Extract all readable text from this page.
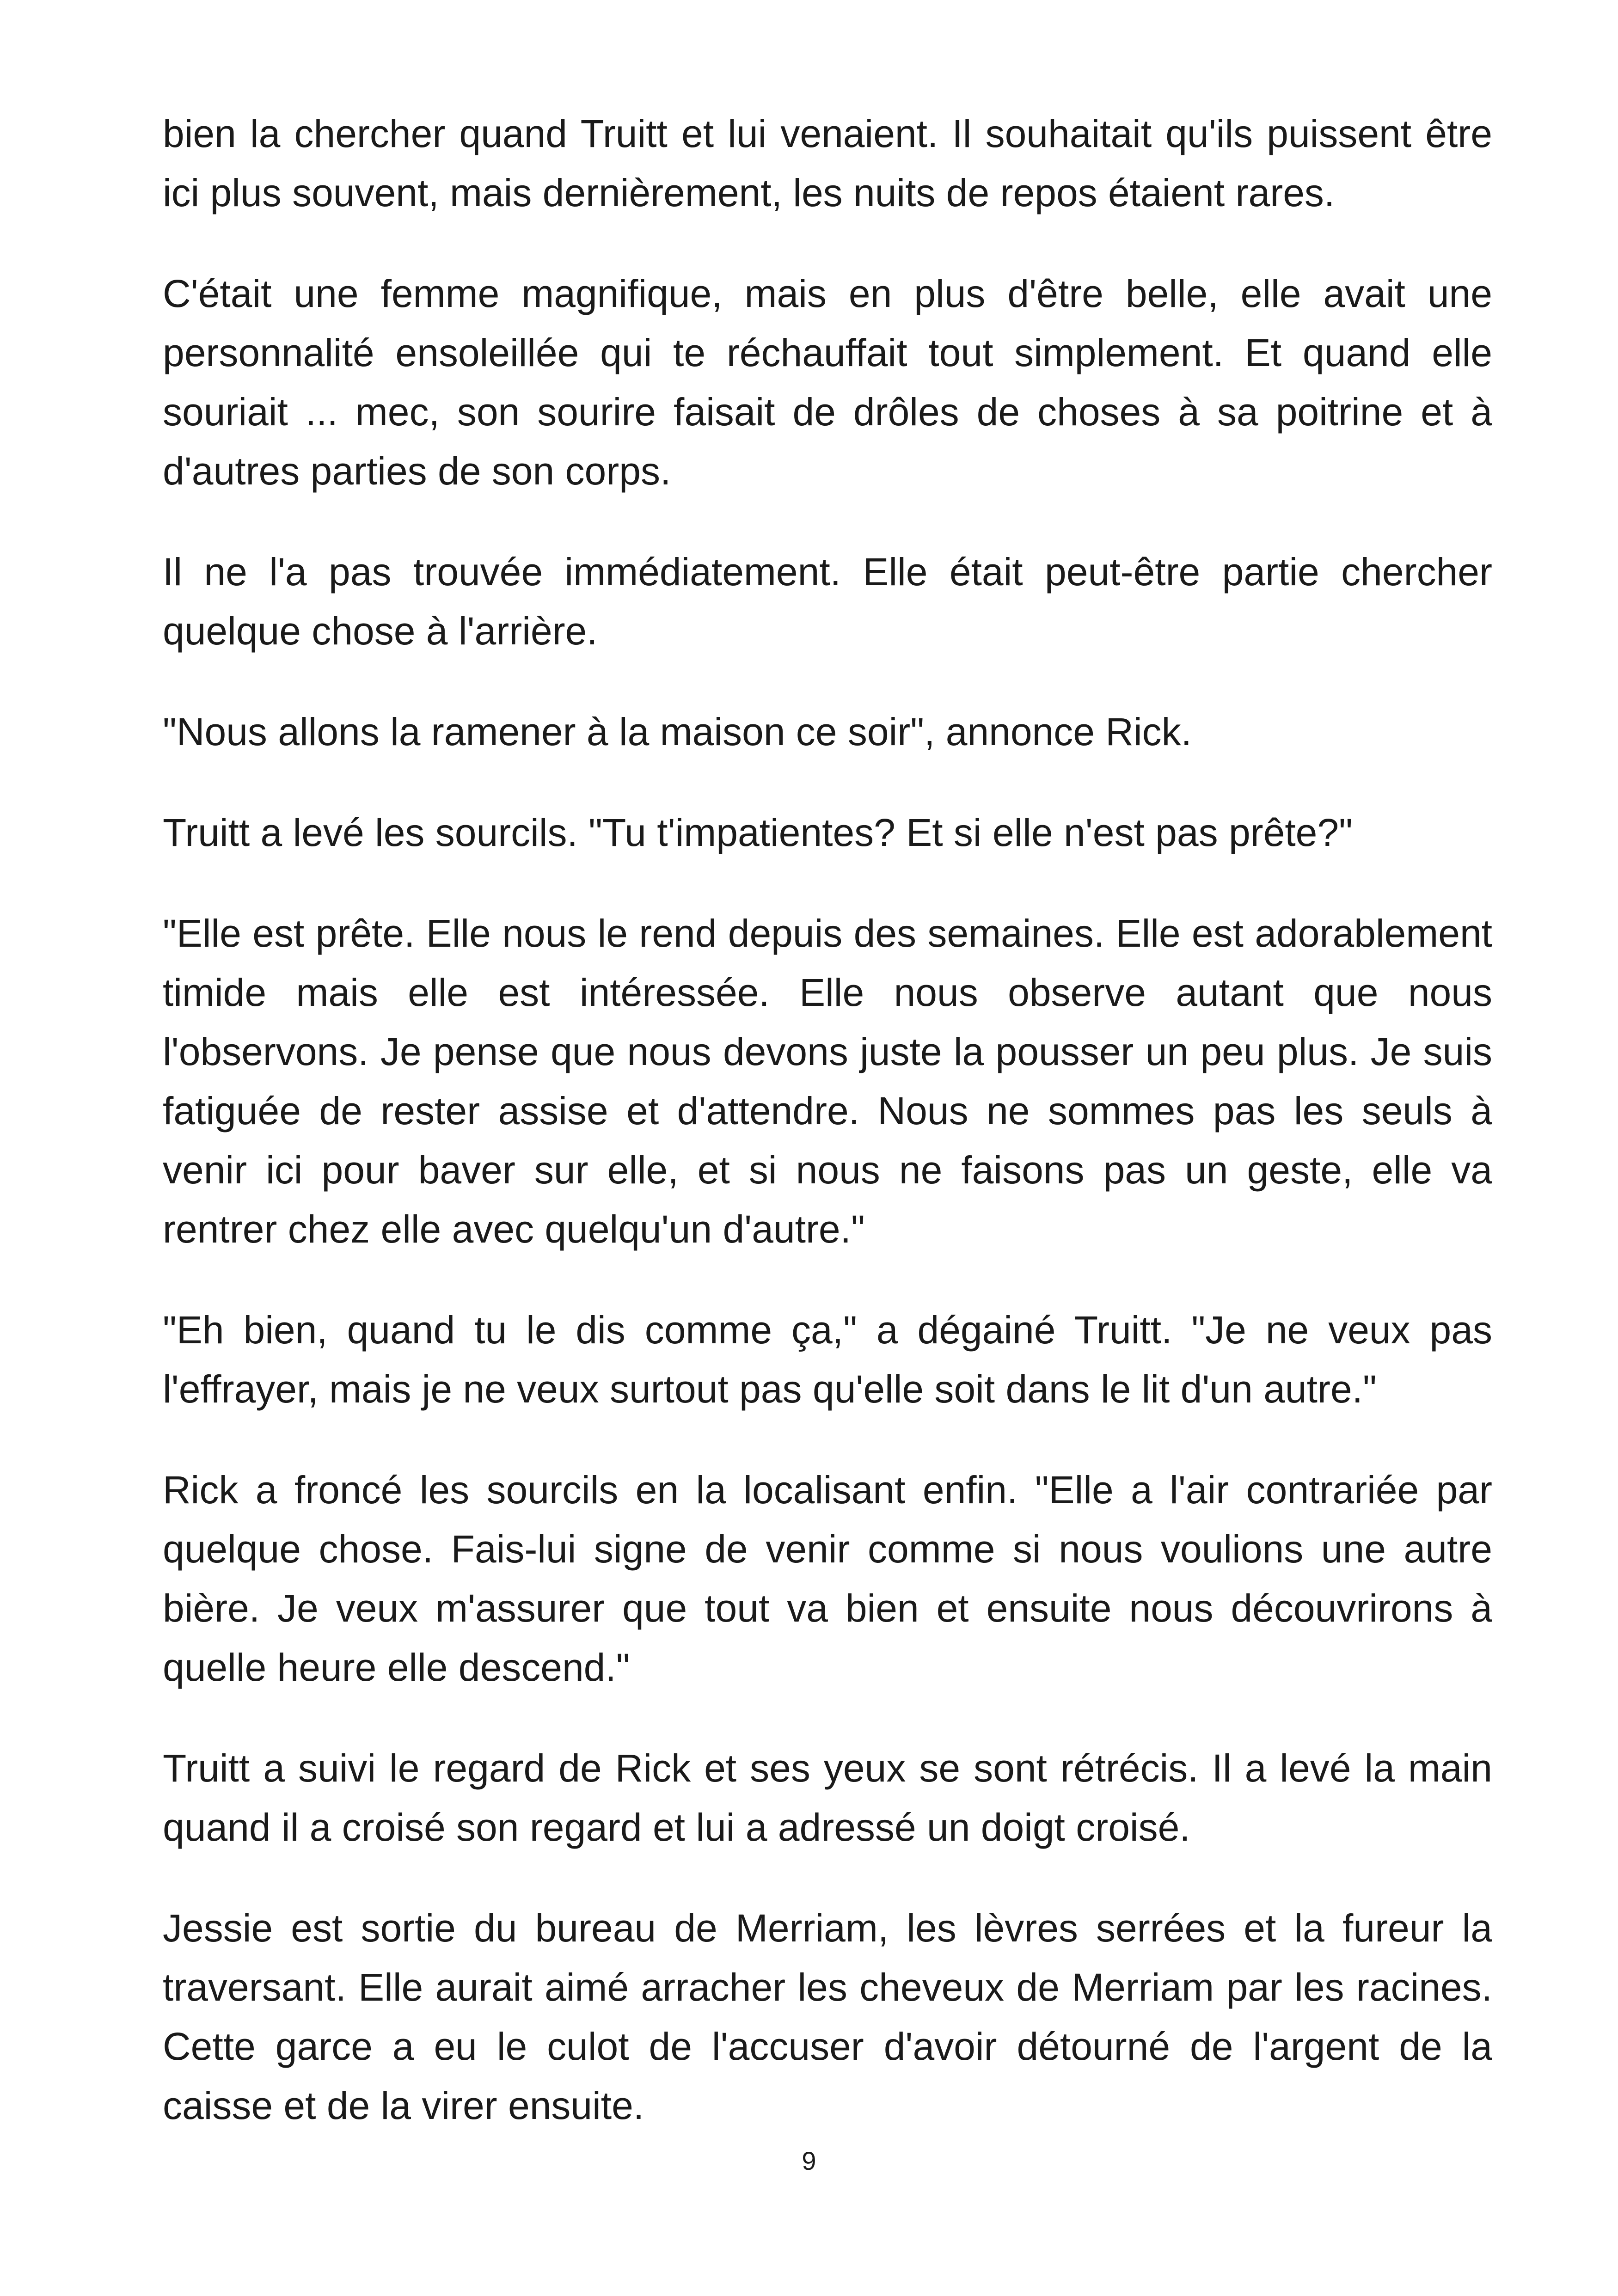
bien la chercher quand Truitt et lui venaient. Il souhaitait qu'ils puissent être ici plus souvent, mais dernièrement, les nuits de repos étaient rares.

C'était une femme magnifique, mais en plus d'être belle, elle avait une personnalité ensoleillée qui te réchauffait tout simplement. Et quand elle souriait ... mec, son sourire faisait de drôles de choses à sa poitrine et à d'autres parties de son corps.

Il ne l'a pas trouvée immédiatement. Elle était peut-être partie chercher quelque chose à l'arrière.

"Nous allons la ramener à la maison ce soir", annonce Rick.

Truitt a levé les sourcils. "Tu t'impatientes? Et si elle n'est pas prête?"

"Elle est prête. Elle nous le rend depuis des semaines. Elle est adorablement timide mais elle est intéressée. Elle nous observe autant que nous l'observons. Je pense que nous devons juste la pousser un peu plus. Je suis fatiguée de rester assise et d'attendre. Nous ne sommes pas les seuls à venir ici pour baver sur elle, et si nous ne faisons pas un geste, elle va rentrer chez elle avec quelqu'un d'autre."

"Eh bien, quand tu le dis comme ça," a dégainé Truitt. "Je ne veux pas l'effrayer, mais je ne veux surtout pas qu'elle soit dans le lit d'un autre."

Rick a froncé les sourcils en la localisant enfin. "Elle a l'air contrariée par quelque chose. Fais-lui signe de venir comme si nous voulions une autre bière. Je veux m'assurer que tout va bien et ensuite nous découvrirons à quelle heure elle descend."

Truitt a suivi le regard de Rick et ses yeux se sont rétrécis. Il a levé la main quand il a croisé son regard et lui a adressé un doigt croisé.

Jessie est sortie du bureau de Merriam, les lèvres serrées et la fureur la traversant. Elle aurait aimé arracher les cheveux de Merriam par les racines. Cette garce a eu le culot de l'accuser d'avoir détourné de l'argent de la caisse et de la virer ensuite.

9
